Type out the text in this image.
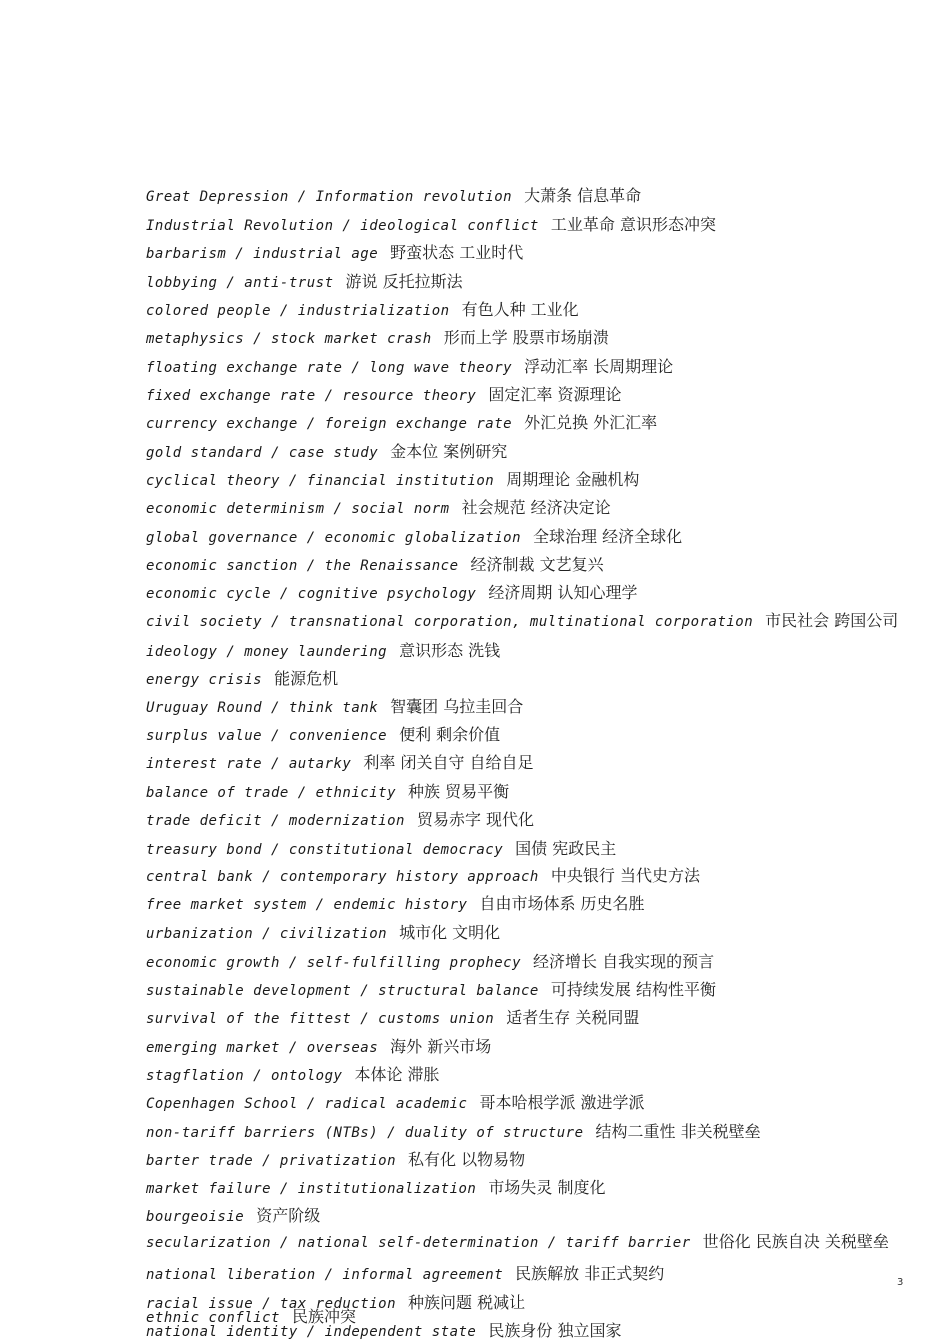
Great Depression / Information revolution 大萧条 信息革命
Industrial Revolution / ideological conflict 工业革命 意识形态冲突
barbarism / industrial age 野蛮状态 工业时代
lobbying / anti-trust 游说 反托拉斯法
colored people / industrialization 有色人种 工业化
metaphysics / stock market crash 形而上学 股票市场崩溃
floating exchange rate / long wave theory 浮动汇率 长周期理论
fixed exchange rate / resource theory 固定汇率 资源理论
currency exchange / foreign exchange rate 外汇兑换 外汇汇率
gold standard / case study 金本位 案例研究
cyclical theory / financial institution 周期理论 金融机构
economic determinism / social norm 社会规范 经济决定论
global governance / economic globalization 全球治理 经济全球化
economic sanction / the Renaissance 经济制裁 文艺复兴
economic cycle / cognitive psychology 经济周期 认知心理学
civil society / transnational corporation, multinational corporation 市民社会 跨国公司
ideology / money laundering 意识形态 洗钱
energy crisis 能源危机
Uruguay Round / think tank 智囊团 乌拉圭回合
surplus value / convenience 便利 剩余价值
interest rate / autarky 利率 闭关自守 自给自足
balance of trade / ethnicity 种族 贸易平衡
trade deficit / modernization 贸易赤字 现代化
treasury bond / constitutional democracy 国债 宪政民主
central bank / contemporary history approach 中央银行 当代史方法
free market system / endemic history 自由市场体系 历史名胜
urbanization / civilization 城市化 文明化
economic growth / self-fulfilling prophecy 经济增长 自我实现的预言
sustainable development / structural balance 可持续发展 结构性平衡
survival of the fittest / customs union 适者生存 关税同盟
emerging market / overseas 海外 新兴市场
stagflation / ontology 本体论 滞胀
Copenhagen School / radical academic 哥本哈根学派 激进学派
non-tariff barriers (NTBs) / duality of structure 结构二重性 非关税壁垒
barter trade / privatization 私有化 以物易物
market failure / institutionalization 市场失灵 制度化
bourgeoisie 资产阶级
secularization / national self-determination / tariff barrier 世俗化 民族自决 关税壁垒
national liberation / informal agreement 民族解放 非正式契约
racial issue / tax reduction 种族问题 税减让
ethnic conflict 民族冲突
national identity / independent state 民族身份 独立国家
3
